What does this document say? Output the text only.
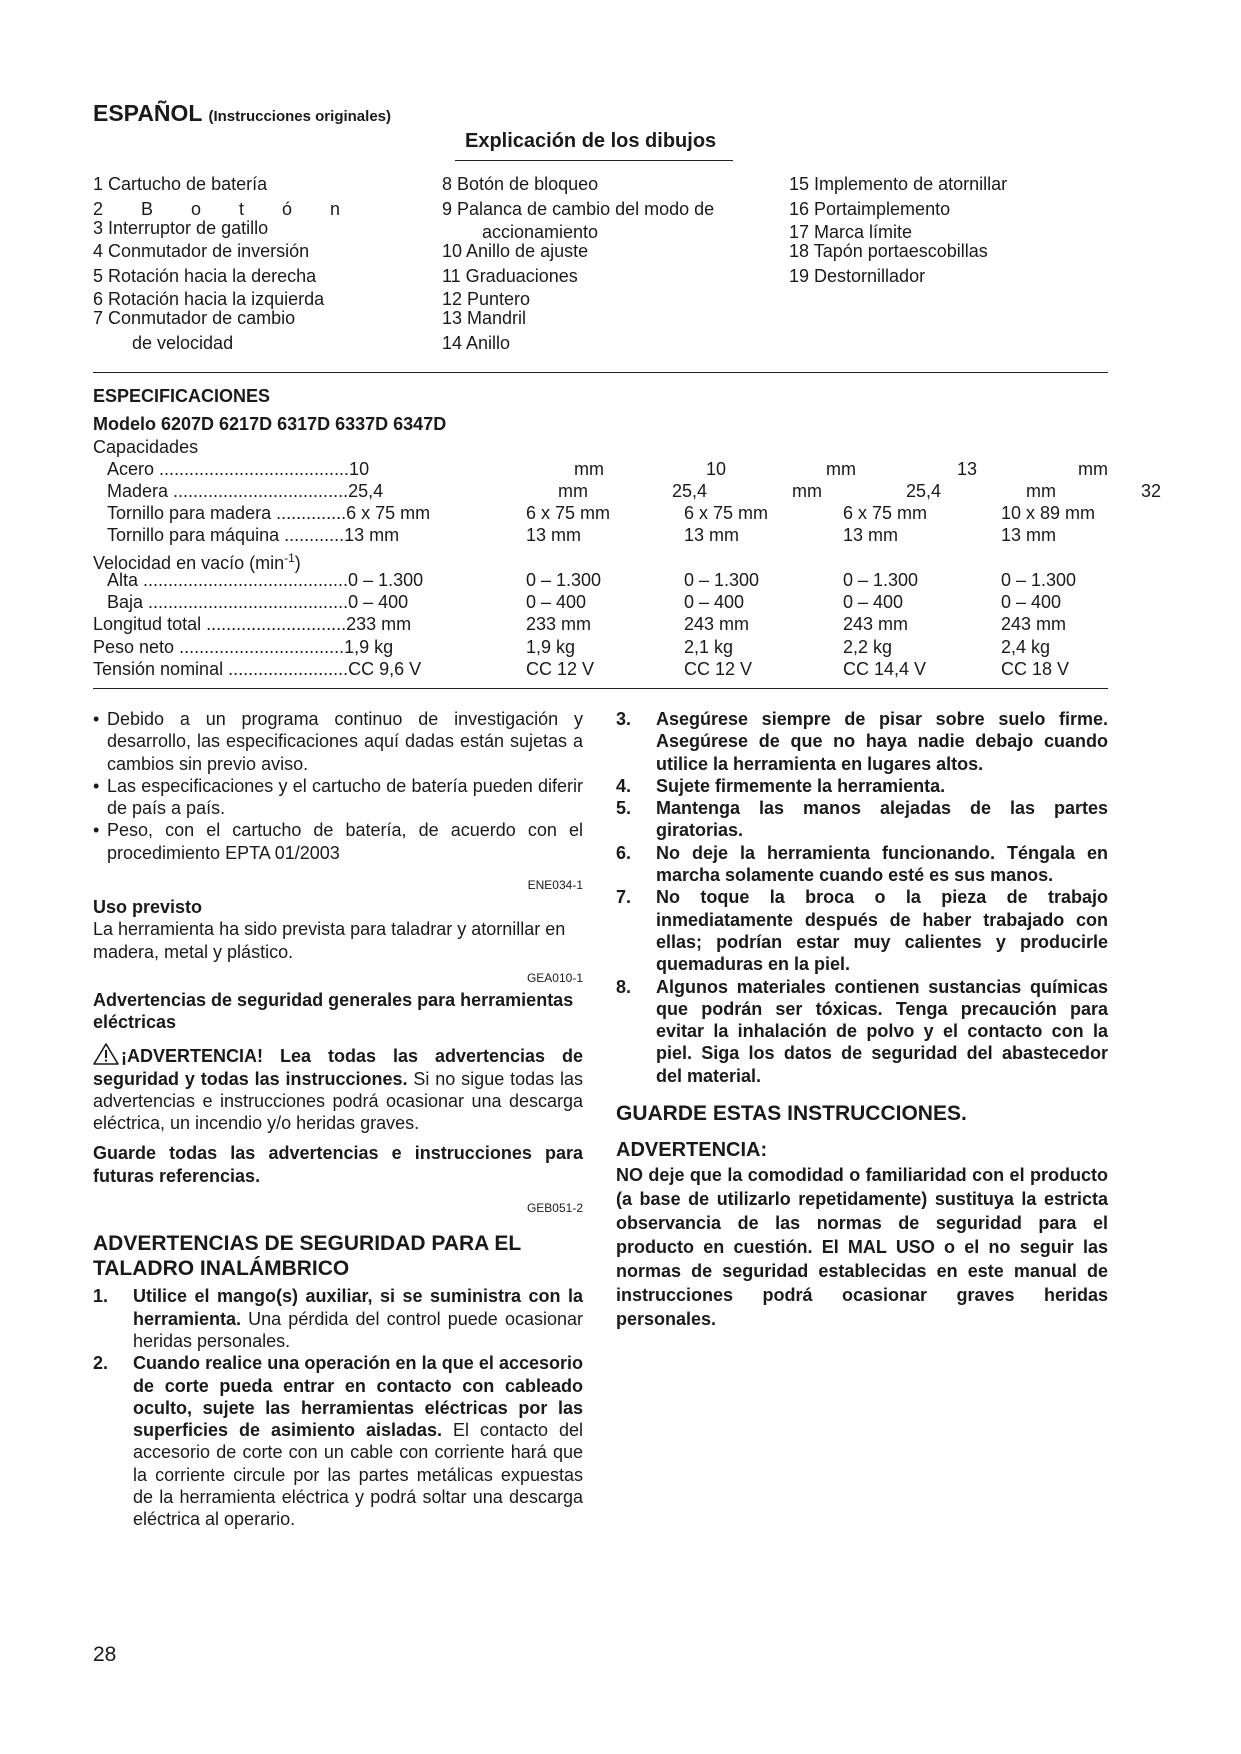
ESPAÑOL (Instrucciones originales)
Explicación de los dibujos
1 Cartucho de batería
2 B o t ó n
3 Interruptor de gatillo
4 Conmutador de inversión
5 Rotación hacia la derecha
6 Rotación hacia la izquierda
7 Conmutador de cambio
de velocidad
8 Botón de bloqueo
9 Palanca de cambio del modo de
accionamiento
10 Anillo de ajuste
11 Graduaciones
12 Puntero
13 Mandril
14 Anillo
15 Implemento de atornillar
16 Portaimplemento
17 Marca límite
18 Tapón portaescobillas
19 Destornillador
ESPECIFICACIONES
Modelo 6207D 6217D 6317D 6337D 6347D
Capacidades
Acero ......................................10	mm	10	mm	13	mm
Madera ...................................25,4	mm	25,4	mm	25,4	mm	32
Tornillo para madera ..............6 x 75 mm	6 x 75 mm	6 x 75 mm	6 x 75 mm	10 x 89 mm
Tornillo para máquina ............13 mm	13 mm	13 mm	13 mm	13 mm
Velocidad en vacío $(\min^{-1})$
Alta .........................................0 – 1.300	0 – 1.300	0 – 1.300	0 – 1.300	0 – 1.300
Baja ........................................0 – 400	0 – 400	0 – 400	0 – 400	0 – 400
Longitud total ............................233 mm	233 mm	243 mm	243 mm	243 mm
Peso neto .................................1,9 kg	1,9 kg	2,1 kg	2,2 kg	2,4 kg
Tensión nominal ........................CC 9,6 V	CC 12 V	CC 12 V	CC 14,4 V	CC 18 V
• Debido a un programa continuo de investigación y desarrollo, las especificaciones aquí dadas están sujetas a cambios sin previo aviso.
• Las especificaciones y el cartucho de batería pueden diferir de país a país.
• Peso, con el cartucho de batería, de acuerdo con el procedimiento EPTA 01/2003
ENE034-1
Uso previsto

La herramienta ha sido prevista para taladrar y atornillar en madera, metal y plástico.

GEA010-1
Advertencias de seguridad generales para herramientas eléctricas

¡ADVERTENCIA! Lea todas las advertencias de seguridad y todas las instrucciones. Si no sigue todas las advertencias e instrucciones podrá ocasionar una descarga eléctrica, un incendio y/o heridas graves.

Guarde todas las advertencias e instrucciones para futuras referencias.

GEB051-2
ADVERTENCIAS DE SEGURIDAD PARA EL TALADRO INALÁMBRICO
1.	Utilice el mango(s) auxiliar, si se suministra con la herramienta. Una pérdida del control puede ocasionar heridas personales.
2.	Cuando realice una operación en la que el accesorio de corte pueda entrar en contacto con cableado oculto, sujete las herramientas eléctricas por las superficies de asimiento aisladas. El contacto del accesorio de corte con un cable con corriente hará que la corriente circule por las partes metálicas expuestas de la herramienta eléctrica y podrá soltar una descarga eléctrica al operario.
3.	Asegúrese siempre de pisar sobre suelo firme. Asegúrese de que no haya nadie debajo cuando utilice la herramienta en lugares altos.
4.	Sujete firmemente la herramienta.
5.	Mantenga las manos alejadas de las partes giratorias.
6.	No deje la herramienta funcionando. Téngala en marcha solamente cuando esté es sus manos.
7.	No toque la broca o la pieza de trabajo inmediatamente después de haber trabajado con ellas; podrían estar muy calientes y producirle quemaduras en la piel.
8.	Algunos materiales contienen sustancias químicas que podrán ser tóxicas. Tenga precaución para evitar la inhalación de polvo y el contacto con la piel. Siga los datos de seguridad del abastecedor del material.
GUARDE ESTAS INSTRUCCIONES.
ADVERTENCIA:

NO deje que la comodidad o familiaridad con el producto (a base de utilizarlo repetidamente) sustituya la estricta observancia de las normas de seguridad para el producto en cuestión. El MAL USO o el no seguir las normas de seguridad establecidas en este manual de instrucciones podrá ocasionar graves heridas personales.

28
